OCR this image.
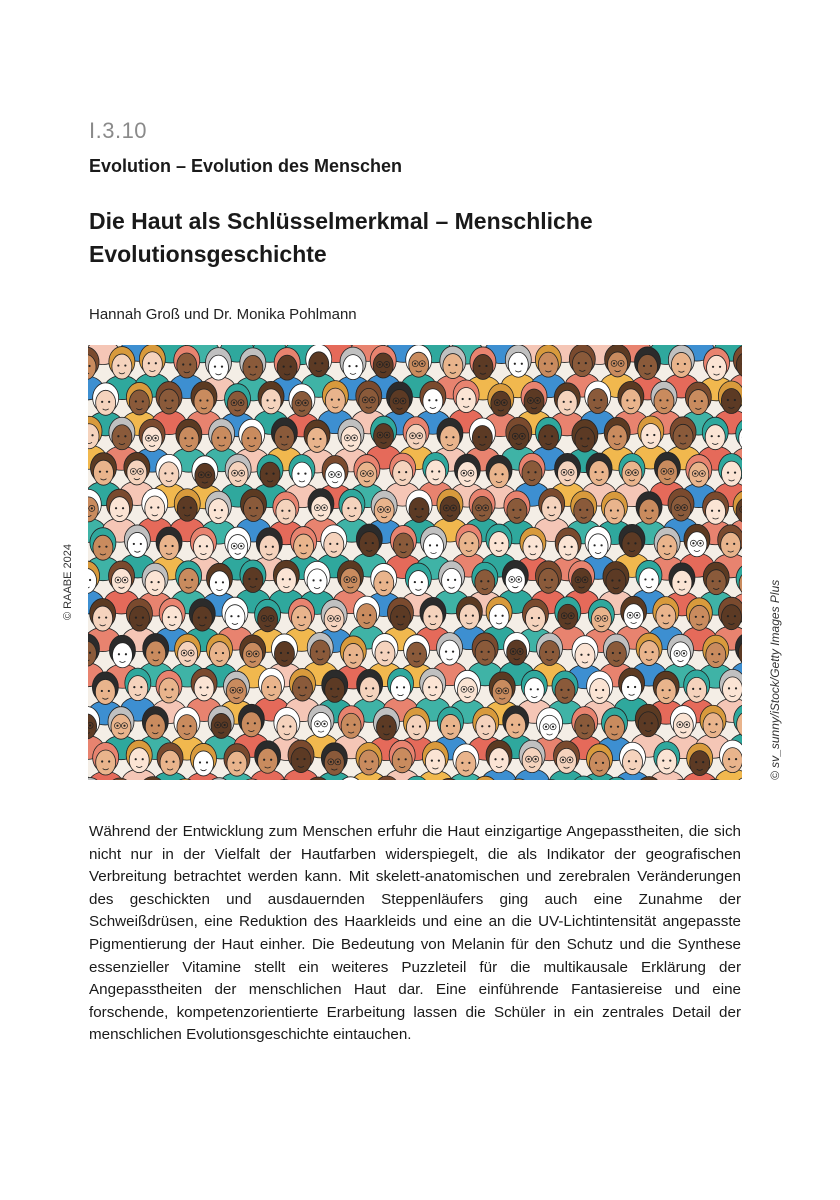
I.3.10
Evolution – Evolution des Menschen
Die Haut als Schlüsselmerkmal – Menschliche Evolutionsgeschichte
Hannah Groß und Dr. Monika Pohlmann
© RAABE 2024	© sv_sunny/iStock/Getty Images Plus
Während der Entwicklung zum Menschen erfuhr die Haut einzigartige Angepasstheiten, die sich nicht nur in der Vielfalt der Hautfarben widerspiegelt, die als Indikator der geografischen Verbreitung betrachtet werden kann. Mit skelett-anatomischen und zerebralen Veränderungen des geschickten und ausdauernden Steppenläufers ging auch eine Zunahme der Schweißdrüsen, eine Reduktion des Haarkleids und eine an die UV-Lichtintensität angepasste Pigmentierung der Haut einher. Die Bedeutung von Melanin für den Schutz und die Synthese essenzieller Vitamine stellt ein weiteres Puzzleteil für die multikausale Erklärung der Angepasstheiten der menschlichen Haut dar. Eine einführende Fantasiereise und eine forschende, kompetenzorientierte Erarbeitung lassen die Schüler in ein zentrales Detail der menschlichen Evolutionsgeschichte eintauchen.
